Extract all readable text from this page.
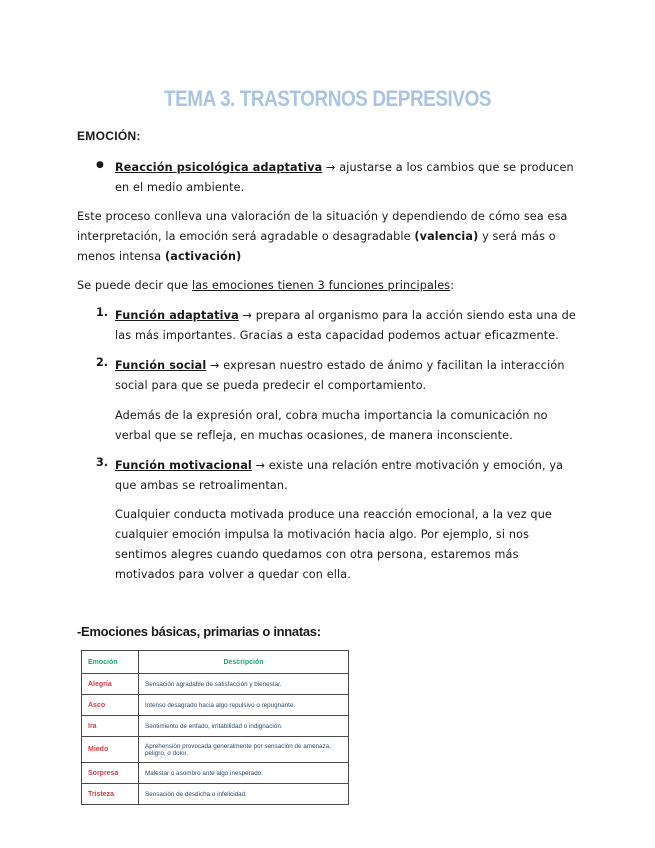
TEMA 3. TRASTORNOS DEPRESIVOS
EMOCIÓN:
● Reacción psicológica adaptativa → ajustarse a los cambios que se producen en el medio ambiente.
Este proceso conlleva una valoración de la situación y dependiendo de cómo sea esa interpretación, la emoción será agradable o desagradable (valencia) y será más o menos intensa (activación)
Se puede decir que las emociones tienen 3 funciones principales:
1. Función adaptativa → prepara al organismo para la acción siendo esta una de las más importantes. Gracias a esta capacidad podemos actuar eficazmente.
2. Función social → expresan nuestro estado de ánimo y facilitan la interacción social para que se pueda predecir el comportamiento.
Además de la expresión oral, cobra mucha importancia la comunicación no verbal que se refleja, en muchas ocasiones, de manera inconsciente.
3. Función motivacional → existe una relación entre motivación y emoción, ya que ambas se retroalimentan.
Cualquier conducta motivada produce una reacción emocional, a la vez que cualquier emoción impulsa la motivación hacia algo. Por ejemplo, si nos sentimos alegres cuando quedamos con otra persona, estaremos más motivados para volver a quedar con ella.
-Emociones básicas, primarias o innatas:
Emoción	Descripción
Alegría	Sensación agradable de satisfacción y bienestar.
Asco	Intenso desagrado hacia algo repulsivo o repugnante.
Ira	Sentimiento de enfado, irritabilidad o indignación.
Miedo	Aprehensión provocada generalmente por sensación de amenaza, peligro, o dolor.
Sorpresa	Malestar o asombro ante algo inesperado.
Tristeza	Sensación de desdicha o infelicidad.
